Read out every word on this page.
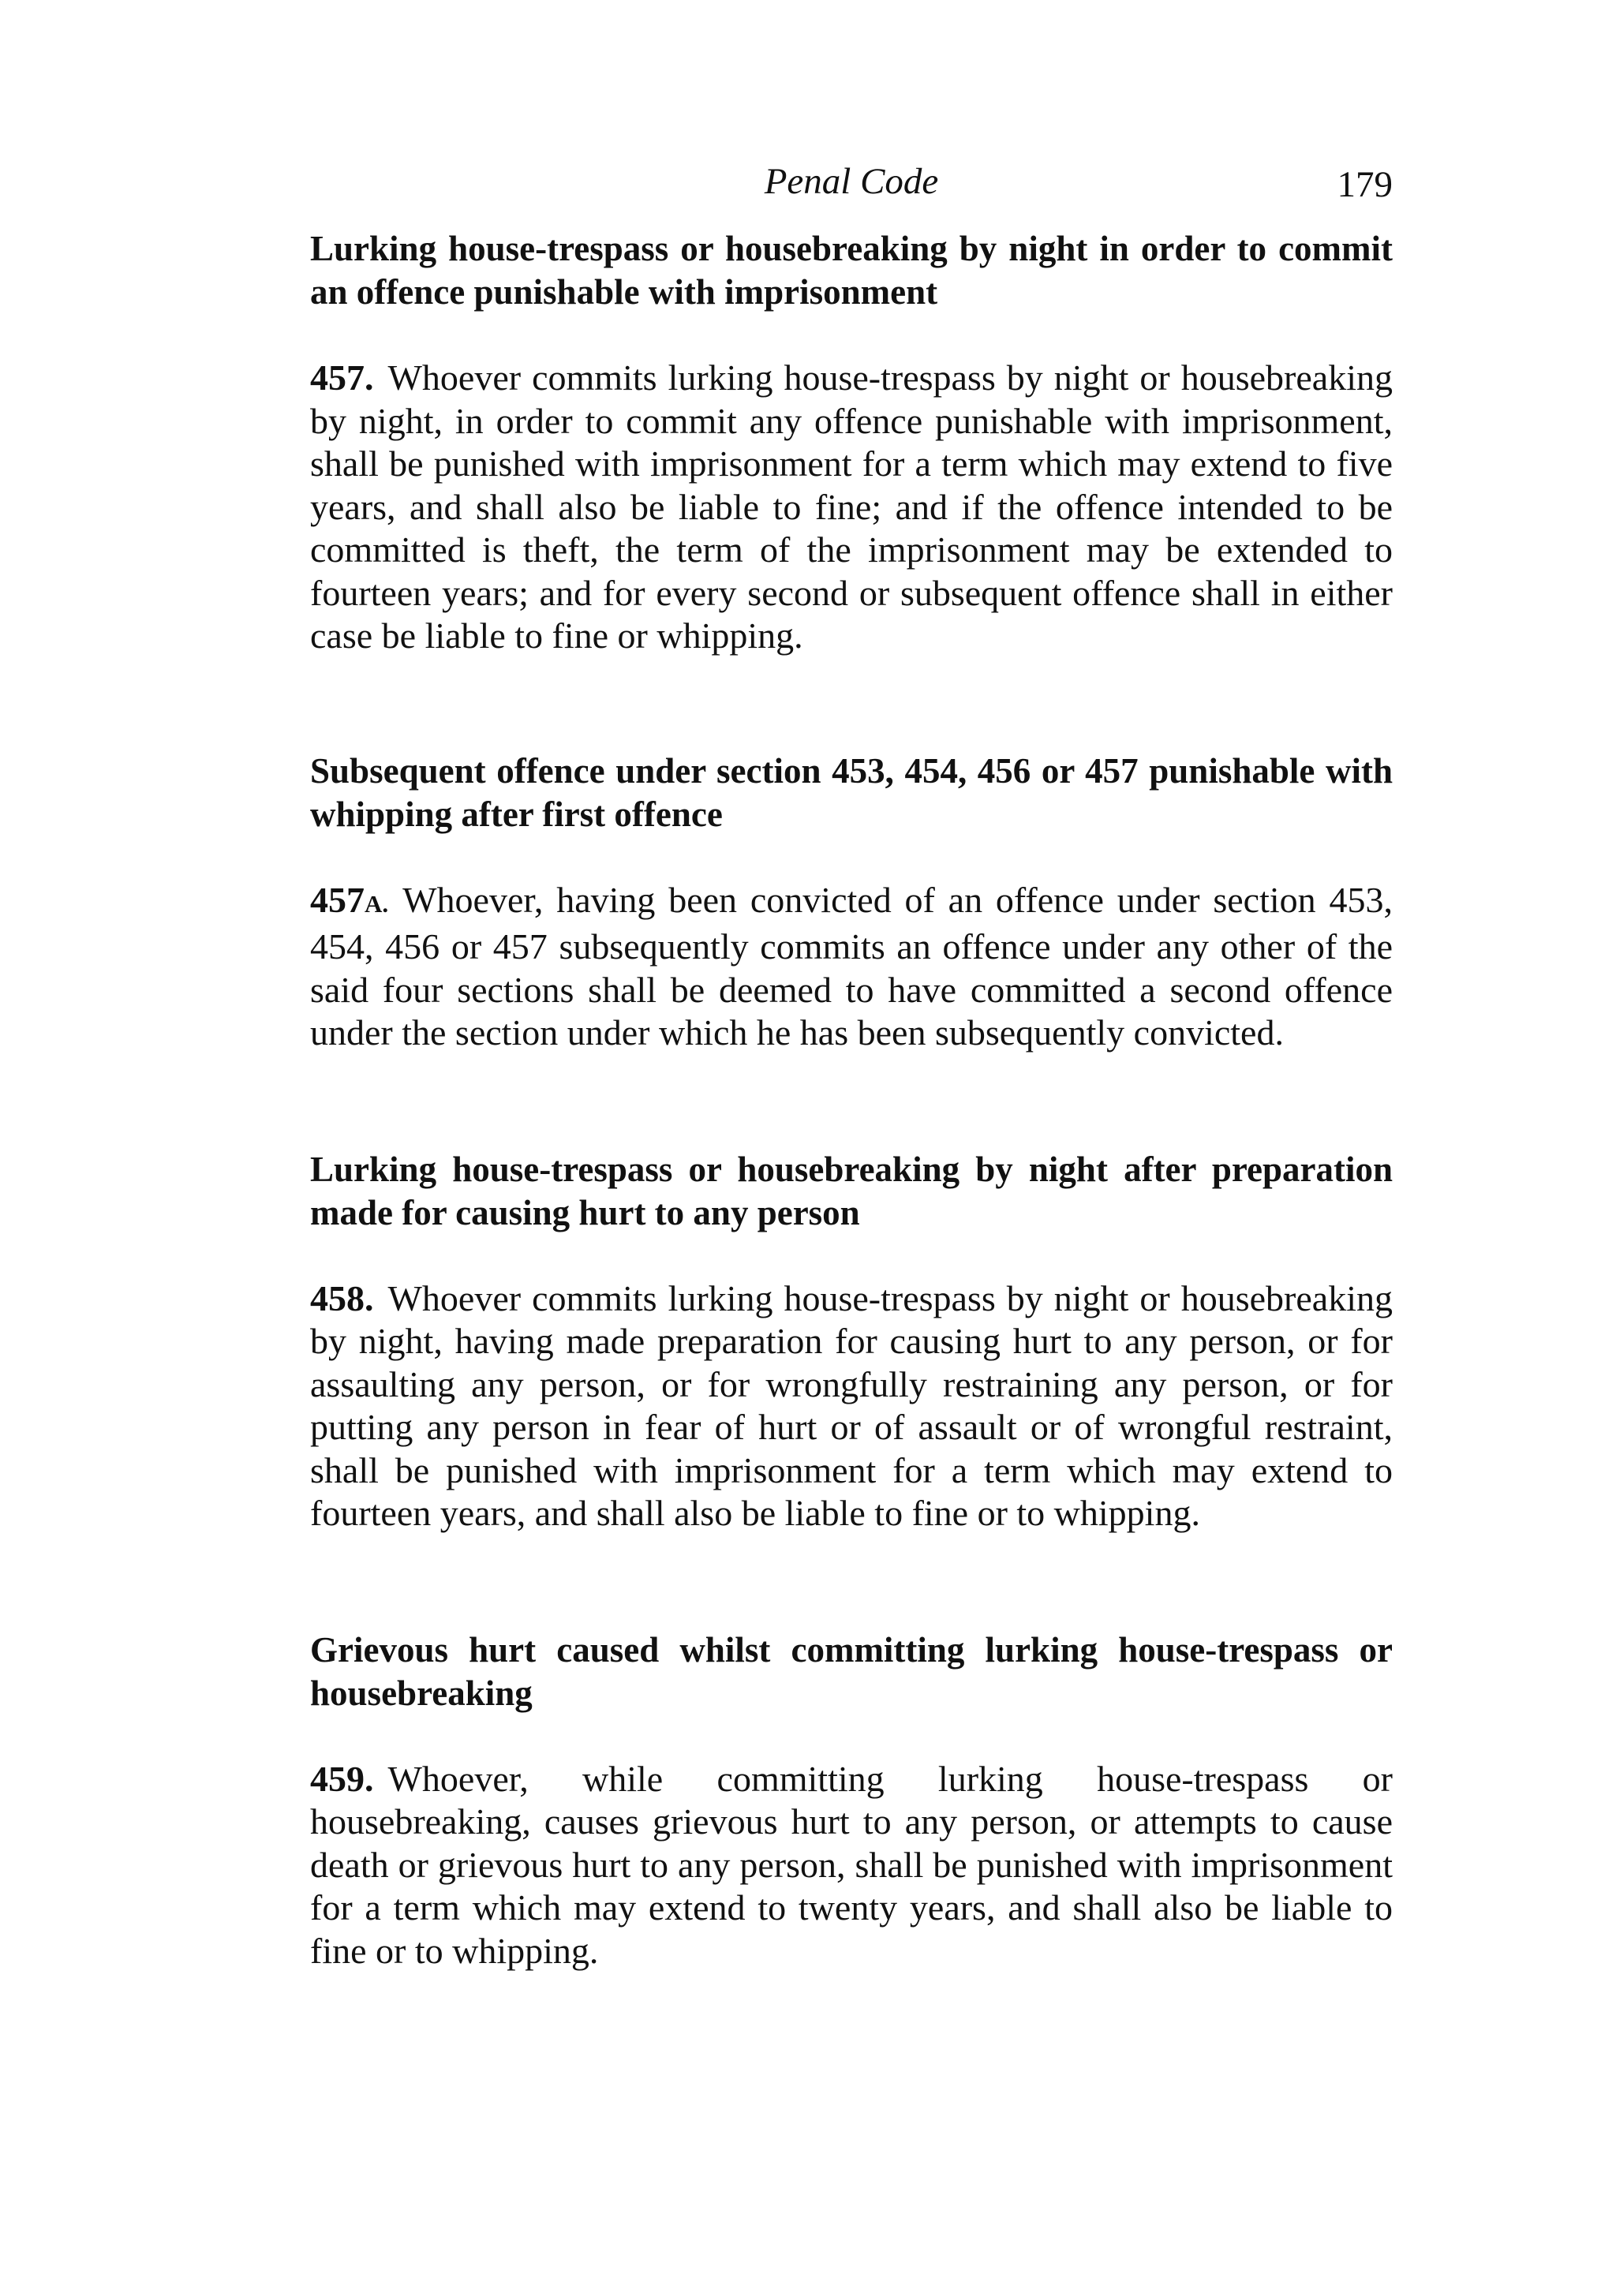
Penal Code	179
Lurking house-trespass or housebreaking by night in order to commit an offence punishable with imprisonment

457. Whoever commits lurking house-trespass by night or housebreaking by night, in order to commit any offence punishable with imprisonment, shall be punished with imprisonment for a term which may extend to five years, and shall also be liable to fine; and if the offence intended to be committed is theft, the term of the imprisonment may be extended to fourteen years; and for every second or subsequent offence shall in either case be liable to fine or whipping.

Subsequent offence under section 453, 454, 456 or 457 punishable with whipping after first offence

457A. Whoever, having been convicted of an offence under section 453, 454, 456 or 457 subsequently commits an offence under any other of the said four sections shall be deemed to have committed a second offence under the section under which he has been subsequently convicted.

Lurking house-trespass or housebreaking by night after preparation made for causing hurt to any person

458. Whoever commits lurking house-trespass by night or housebreaking by night, having made preparation for causing hurt to any person, or for assaulting any person, or for wrongfully restraining any person, or for putting any person in fear of hurt or of assault or of wrongful restraint, shall be punished with imprisonment for a term which may extend to fourteen years, and shall also be liable to fine or to whipping.

Grievous hurt caused whilst committing lurking house-trespass or housebreaking

459. Whoever, while committing lurking house-trespass or housebreaking, causes grievous hurt to any person, or attempts to cause death or grievous hurt to any person, shall be punished with imprisonment for a term which may extend to twenty years, and shall also be liable to fine or to whipping.
